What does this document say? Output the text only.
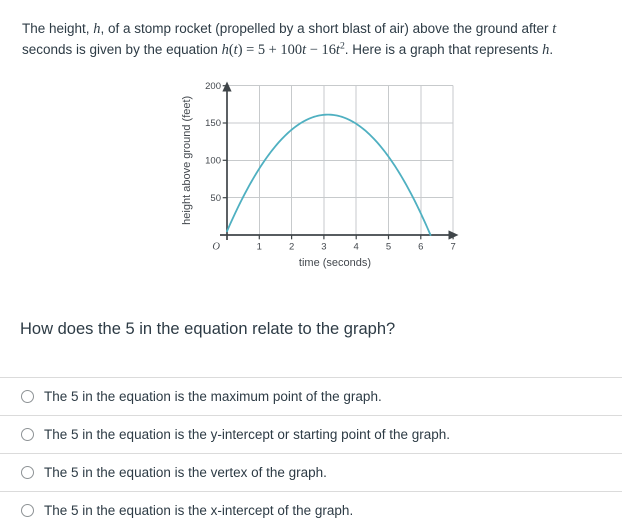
The height, h, of a stomp rocket (propelled by a short blast of air) above the ground after t
seconds is given by the equation $h(t) = 5 + 100t - 16t^2$. Here is a graph that represents h.

200
150
100
50
O	1	2	3	4	5	6	7
time (seconds)
height above ground (feet)
How does the 5 in the equation relate to the graph?
The 5 in the equation is the maximum point of the graph.
The 5 in the equation is the y-intercept or starting point of the graph.
The 5 in the equation is the vertex of the graph.
The 5 in the equation is the x-intercept of the graph.
